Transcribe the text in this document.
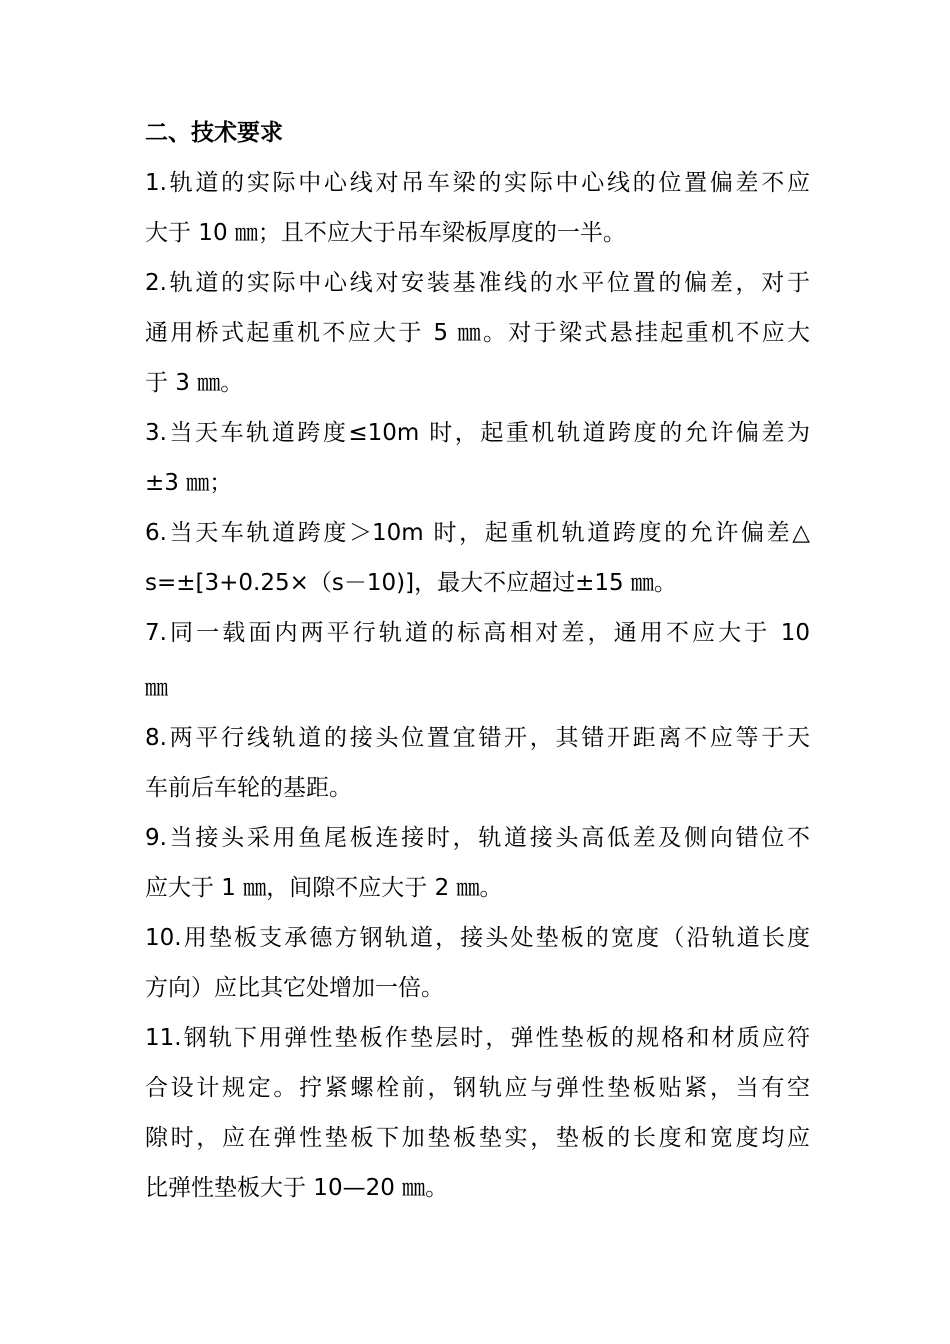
二、技术要求
1.轨道的实际中心线对吊车梁的实际中心线的位置偏差不应
大于 10 ㎜；且不应大于吊车梁板厚度的一半。
2.轨道的实际中心线对安装基准线的水平位置的偏差，对于
通用桥式起重机不应大于 5 ㎜。对于梁式悬挂起重机不应大
于 3 ㎜。
3.当天车轨道跨度≤10m 时，起重机轨道跨度的允许偏差为
±3 ㎜；
6.当天车轨道跨度＞10m 时，起重机轨道跨度的允许偏差△
s=±[3+0.25×（s－10)]，最大不应超过±15 ㎜。
7.同一载面内两平行轨道的标高相对差，通用不应大于 10
㎜
8.两平行线轨道的接头位置宜错开，其错开距离不应等于天
车前后车轮的基距。
9.当接头采用鱼尾板连接时，轨道接头高低差及侧向错位不
应大于 1 ㎜，间隙不应大于 2 ㎜。
10.用垫板支承德方钢轨道，接头处垫板的宽度（沿轨道长度
方向）应比其它处增加一倍。
11.钢轨下用弹性垫板作垫层时，弹性垫板的规格和材质应符
合设计规定。拧紧螺栓前，钢轨应与弹性垫板贴紧，当有空
隙时，应在弹性垫板下加垫板垫实，垫板的长度和宽度均应
比弹性垫板大于 10—20 ㎜。
